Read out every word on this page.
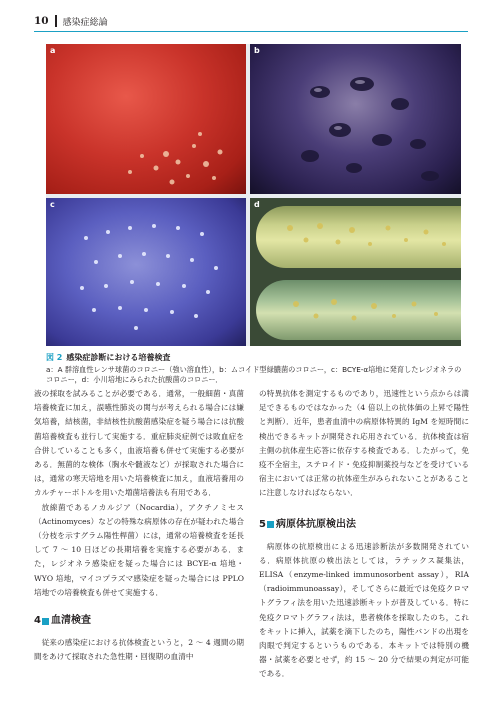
10 感染症総論
a	b
c	d
図 2 感染症診断における培養検査
a：A 群溶血性レンサ球菌のコロニー（強い溶血性），b：ムコイド型緑膿菌のコロニー，c：BCYE-α培地に発育したレジオネラのコロニー，d：小川培地にみられた抗酸菌のコロニー．

液の採取を試みることが必要である．通常，一般細菌・真菌培養検査に加え，誤嚥性肺炎の関与が考えられる場合には嫌気培養，結核菌，非結核性抗酸菌感染症を疑う場合には抗酸菌培養検査も並行して実施する．重症肺炎症例では敗血症を合併していることも多く，血液培養も併せて実施する必要がある．無菌的な検体（胸水や髄液など）が採取された場合には，通常の寒天培地を用いた培養検査に加え，血液培養用のカルチャーボトルを用いた増菌培養法も有用である．

放線菌であるノカルジア（Nocardia），アクチノミセス（Actinomyces）などの特殊な病原体の存在が疑われた場合（分枝を示すグラム陽性桿菌）には，通常の培養検査を延長して 7 〜 10 日ほどの長期培養を実施する必要がある．また，レジオネラ感染症を疑った場合には BCYE-α 培地・WYO 培地，マイコプラズマ感染症を疑った場合には PPLO 培地での培養検査も併せて実施する．

4 血清検査

従来の感染症における抗体検査というと，2 〜 4 週間の期間をあけて採取された急性期・回復期の血清中

の特異抗体を測定するものであり，迅速性という点からは満足できるものではなかった（4 倍以上の抗体価の上昇で陽性と判断）．近年，患者血清中の病原体特異的 IgM を短時間に検出できるキットが開発され応用されている．抗体検査は宿主側の抗体産生応答に依存する検査である．したがって，免疫不全宿主，ステロイド・免疫抑制薬投与などを受けている宿主においては正常の抗体産生がみられないことがあることに注意しなければならない．

5 病原体抗原検出法

病原体の抗原検出による迅速診断法が多数開発されている．病原体抗原の検出法としては，ラテックス凝集法，ELISA（enzyme-linked immunosorbent assay），RIA（radioimmunoassay），そしてさらに最近では免疫クロマトグラフィ法を用いた迅速診断キットが普及している．特に免疫クロマトグラフィ法は，患者検体を採取したのち，これをキットに挿入，試薬を滴下したのち，陽性バンドの出現を肉眼で判定するというものである．本キットでは特別の機器・試薬を必要とせず，約 15 〜 20 分で結果の判定が可能である．
